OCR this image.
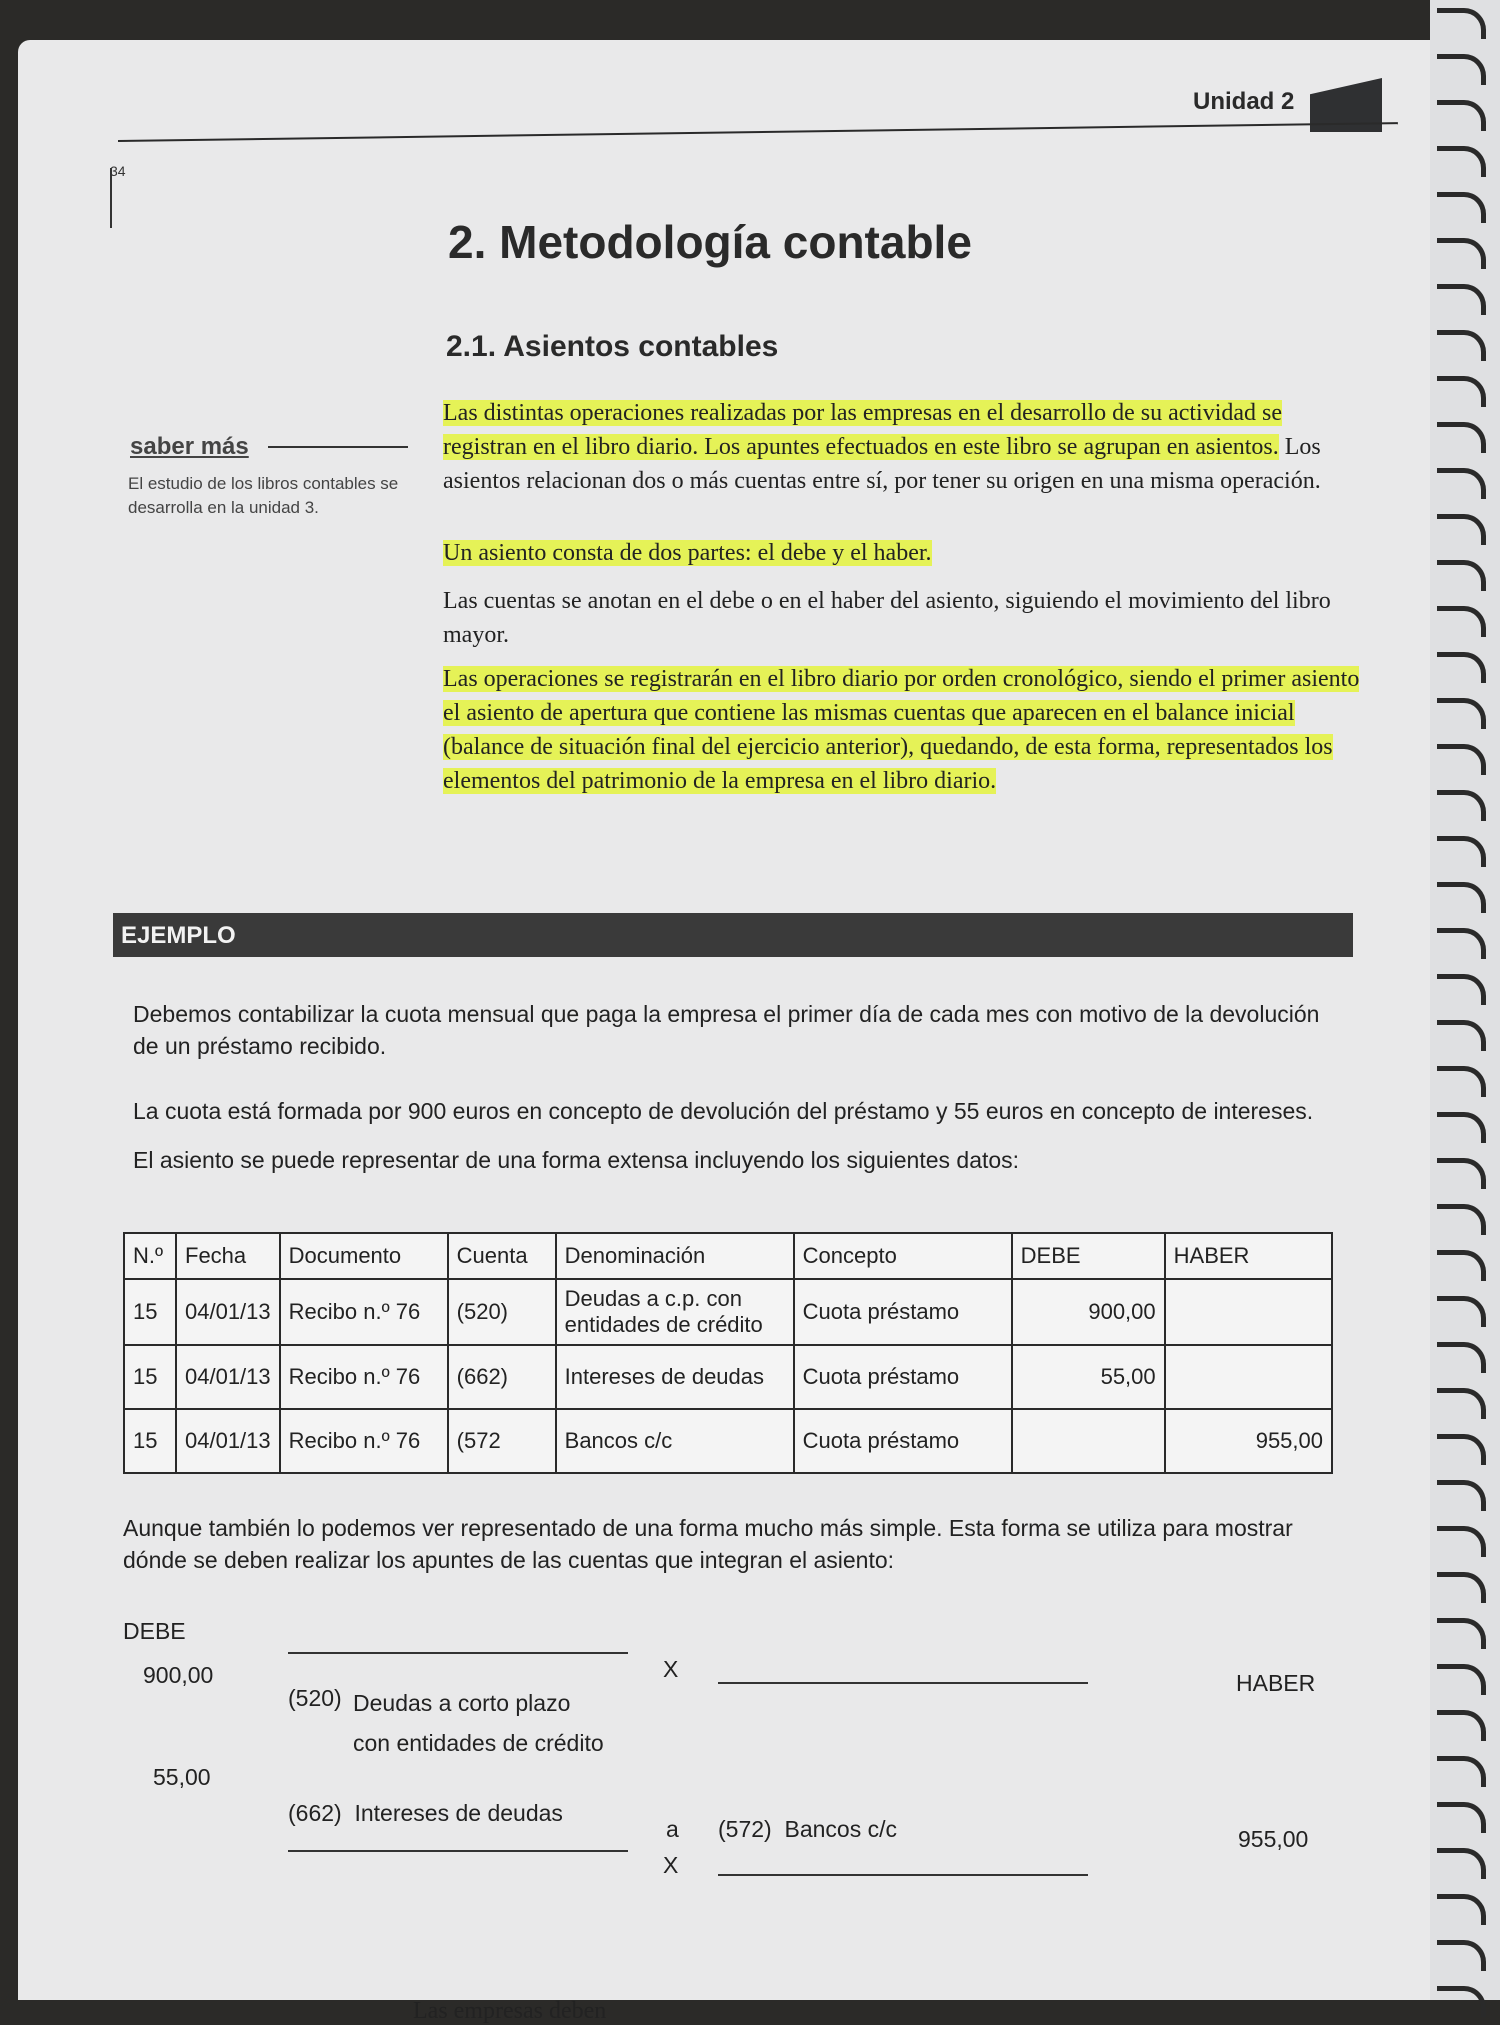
Unidad 2
34
2. Metodología contable
2.1. Asientos contables
saber más
El estudio de los libros contables se desarrolla en la unidad 3.
Las distintas operaciones realizadas por las empresas en el desarrollo de su actividad se registran en el libro diario. Los apuntes efectuados en este libro se agrupan en asientos. Los asientos relacionan dos o más cuentas entre sí, por tener su origen en una misma operación.
Un asiento consta de dos partes: el debe y el haber.
Las cuentas se anotan en el debe o en el haber del asiento, siguiendo el movimiento del libro mayor.
Las operaciones se registrarán en el libro diario por orden cronológico, siendo el primer asiento el asiento de apertura que contiene las mismas cuentas que aparecen en el balance inicial (balance de situación final del ejercicio anterior), quedando, de esta forma, representados los elementos del patrimonio de la empresa en el libro diario.
EJEMPLO
Debemos contabilizar la cuota mensual que paga la empresa el primer día de cada mes con motivo de la devolución de un préstamo recibido.
La cuota está formada por 900 euros en concepto de devolución del préstamo y 55 euros en concepto de intereses.
El asiento se puede representar de una forma extensa incluyendo los siguientes datos:
N.º	Fecha	Documento	Cuenta	Denominación	Concepto	DEBE	HABER
15	04/01/13	Recibo n.º 76	(520)	Deudas a c.p. con entidades de crédito	Cuota préstamo	900,00	
15	04/01/13	Recibo n.º 76	(662)	Intereses de deudas	Cuota préstamo	55,00	
15	04/01/13	Recibo n.º 76	(572	Bancos c/c	Cuota préstamo		955,00
Aunque también lo podemos ver representado de una forma mucho más simple. Esta forma se utiliza para mostrar dónde se deben realizar los apuntes de las cuentas que integran el asiento:
DEBE
HABER
X
900,00
(520) Deudas a corto plazo
con entidades de crédito
55,00
(662)  Intereses de deudas
a (572)  Bancos c/c	955,00
X
Las empresas deben
